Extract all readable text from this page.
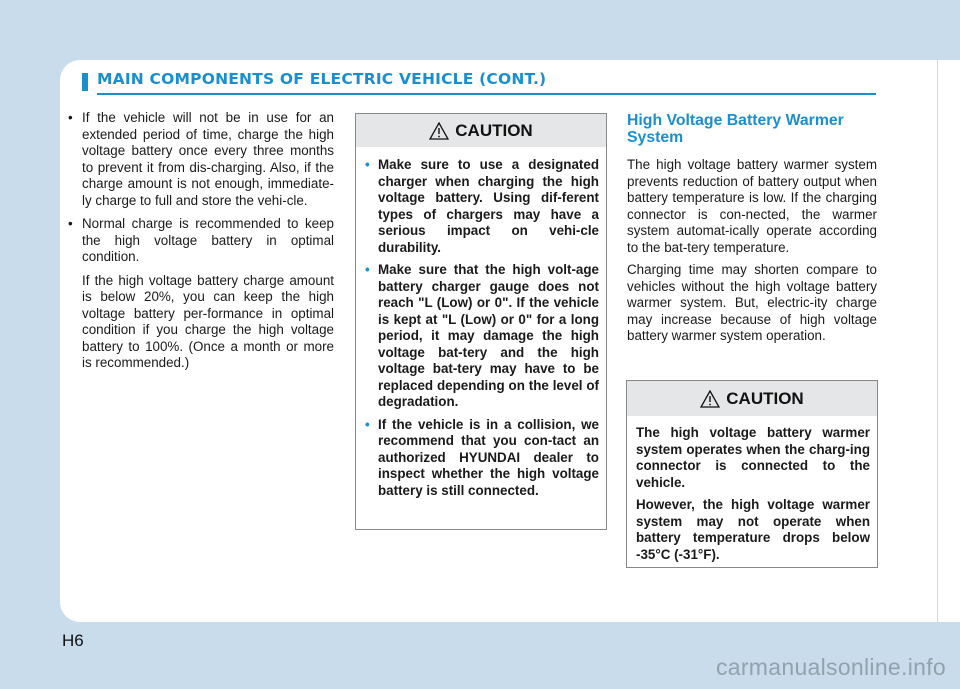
MAIN COMPONENTS OF ELECTRIC VEHICLE (CONT.)
• If the vehicle will not be in use for an extended period of time, charge the high voltage battery once every three months to prevent it from dis-charging. Also, if the charge amount is not enough, immediate-ly charge to full and store the vehi-cle.
• Normal charge is recommended to keep the high voltage battery in optimal condition.

If the high voltage battery charge amount is below 20%, you can keep the high voltage battery per-formance in optimal condition if you charge the high voltage battery to 100%. (Once a month or more is recommended.)

CAUTION
• Make sure to use a designated charger when charging the high voltage battery. Using dif-ferent types of chargers may have a serious impact on vehi-cle durability.
• Make sure that the high volt-age battery charger gauge does not reach "L (Low) or 0". If the vehicle is kept at "L (Low) or 0" for a long period, it may damage the high voltage bat-tery and the high voltage bat-tery may have to be replaced depending on the level of degradation.
• If the vehicle is in a collision, we recommend that you con-tact an authorized HYUNDAI dealer to inspect whether the high voltage battery is still connected.
High Voltage Battery Warmer System

The high voltage battery warmer system prevents reduction of battery output when battery temperature is low. If the charging connector is con-nected, the warmer system automat-ically operate according to the bat-tery temperature.

Charging time may shorten compare to vehicles without the high voltage battery warmer system. But, electric-ity charge may increase because of high voltage battery warmer system operation.

CAUTION

The high voltage battery warmer system operates when the charg-ing connector is connected to the vehicle.

However, the high voltage warmer system may not operate when battery temperature drops below -35°C (-31°F).

H6
carmanualsonline.info
